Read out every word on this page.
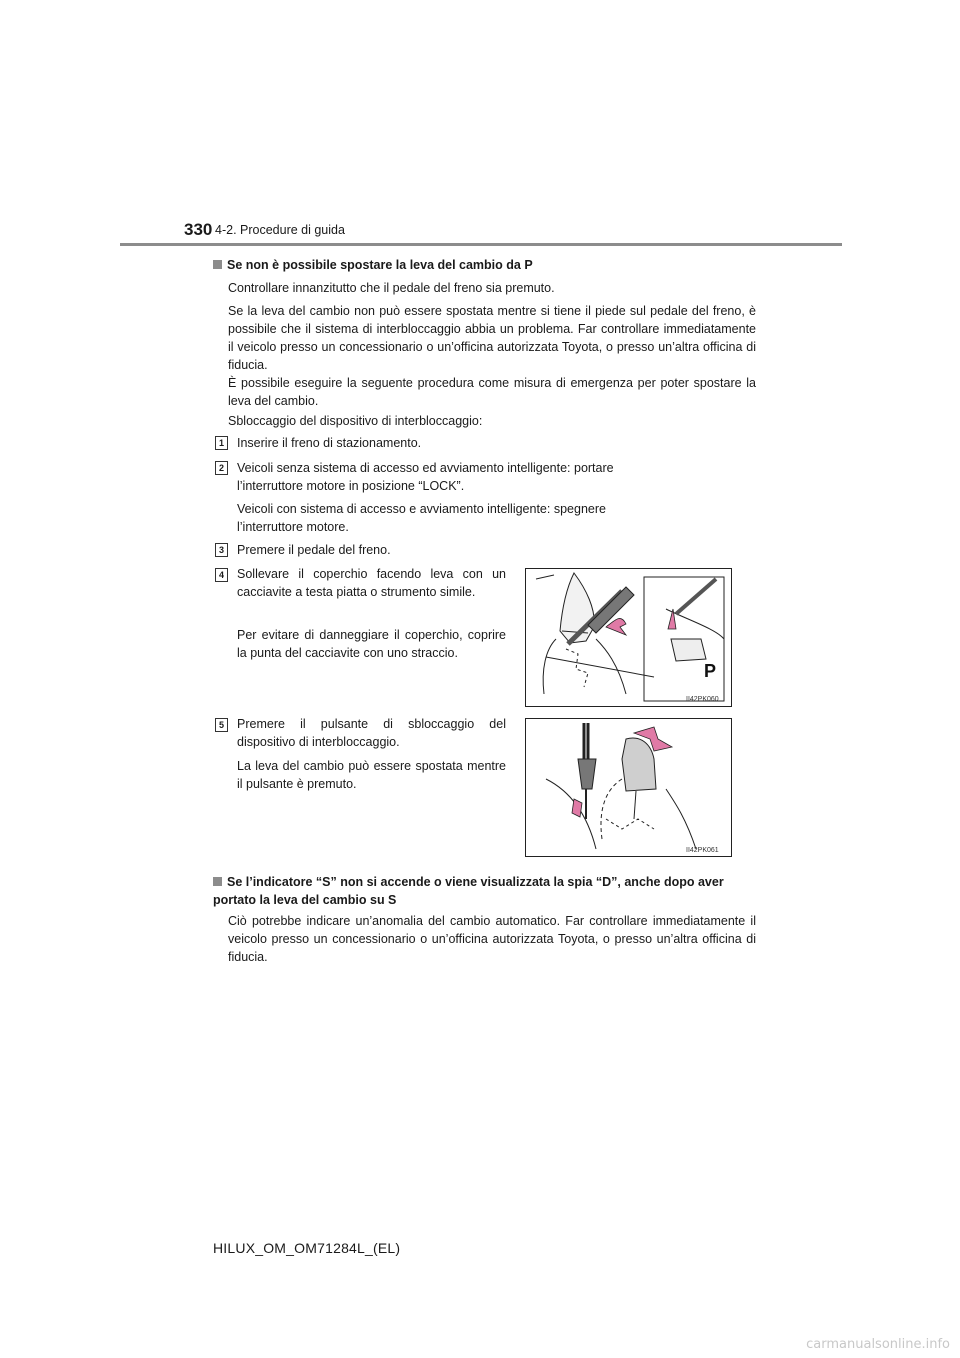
330 4-2. Procedure di guida
Se non è possibile spostare la leva del cambio da P
Controllare innanzitutto che il pedale del freno sia premuto.
Se la leva del cambio non può essere spostata mentre si tiene il piede sul pedale del freno, è possibile che il sistema di interbloccaggio abbia un problema. Far controllare immediatamente il veicolo presso un concessionario o un’officina autorizzata Toyota, o presso un’altra officina di fiducia.
È possibile eseguire la seguente procedura come misura di emergenza per poter spostare la leva del cambio.
Sbloccaggio del dispositivo di interbloccaggio:
1	Inserire il freno di stazionamento.
2	Veicoli senza sistema di accesso ed avviamento intelligente: portare l’interruttore motore in posizione “LOCK”.
Veicoli con sistema di accesso e avviamento intelligente: spegnere l’interruttore motore.
3	Premere il pedale del freno.
4	Sollevare il coperchio facendo leva con un cacciavite a testa piatta o strumento simile.
Per evitare di danneggiare il coperchio, coprire la punta del cacciavite con uno straccio.
P
II42PK060
5	Premere il pulsante di sbloccaggio del dispositivo di interbloccaggio.
La leva del cambio può essere spostata mentre il pulsante è premuto.
II42PK061
Se l’indicatore “S” non si accende o viene visualizzata la spia “D”, anche dopo aver portato la leva del cambio su S
Ciò potrebbe indicare un’anomalia del cambio automatico. Far controllare immediatamente il veicolo presso un concessionario o un’officina autorizzata Toyota, o presso un’altra officina di fiducia.
HILUX_OM_OM71284L_(EL)
carmanualsonline.info
